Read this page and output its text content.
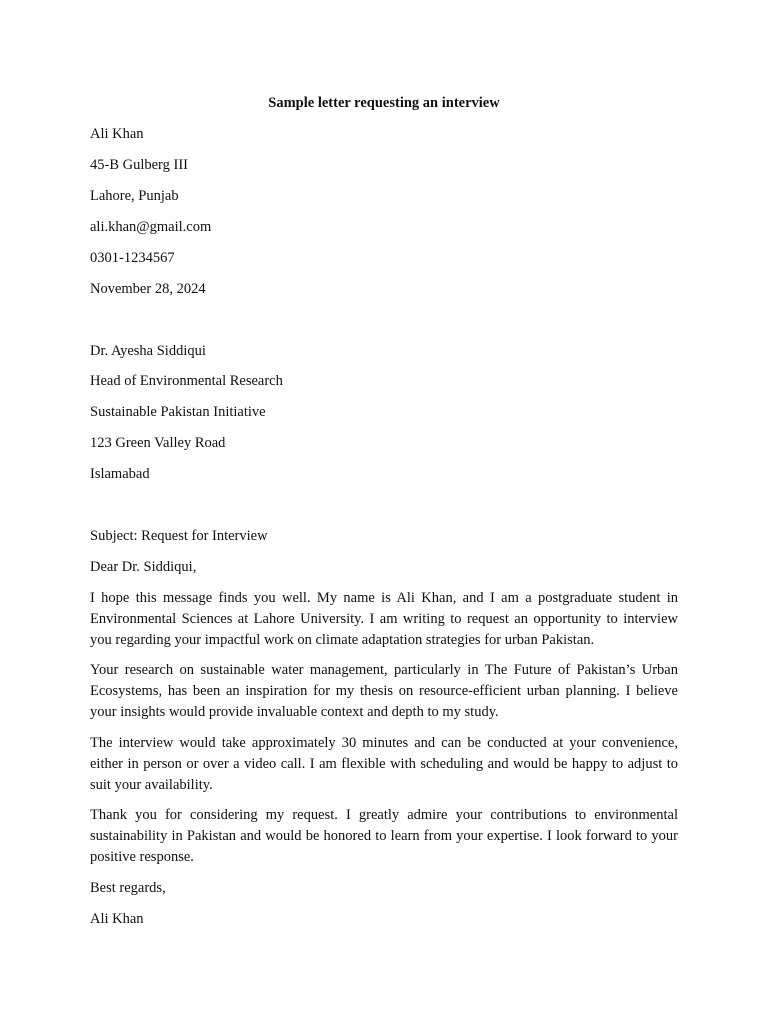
Sample letter requesting an interview
Ali Khan
45-B Gulberg III
Lahore, Punjab
ali.khan@gmail.com
0301-1234567
November 28, 2024
Dr. Ayesha Siddiqui
Head of Environmental Research
Sustainable Pakistan Initiative
123 Green Valley Road
Islamabad
Subject: Request for Interview
Dear Dr. Siddiqui,
I hope this message finds you well. My name is Ali Khan, and I am a postgraduate student in Environmental Sciences at Lahore University. I am writing to request an opportunity to interview you regarding your impactful work on climate adaptation strategies for urban Pakistan.
Your research on sustainable water management, particularly in The Future of Pakistan’s Urban Ecosystems, has been an inspiration for my thesis on resource-efficient urban planning. I believe your insights would provide invaluable context and depth to my study.
The interview would take approximately 30 minutes and can be conducted at your convenience, either in person or over a video call. I am flexible with scheduling and would be happy to adjust to suit your availability.
Thank you for considering my request. I greatly admire your contributions to environmental sustainability in Pakistan and would be honored to learn from your expertise. I look forward to your positive response.
Best regards,
Ali Khan
